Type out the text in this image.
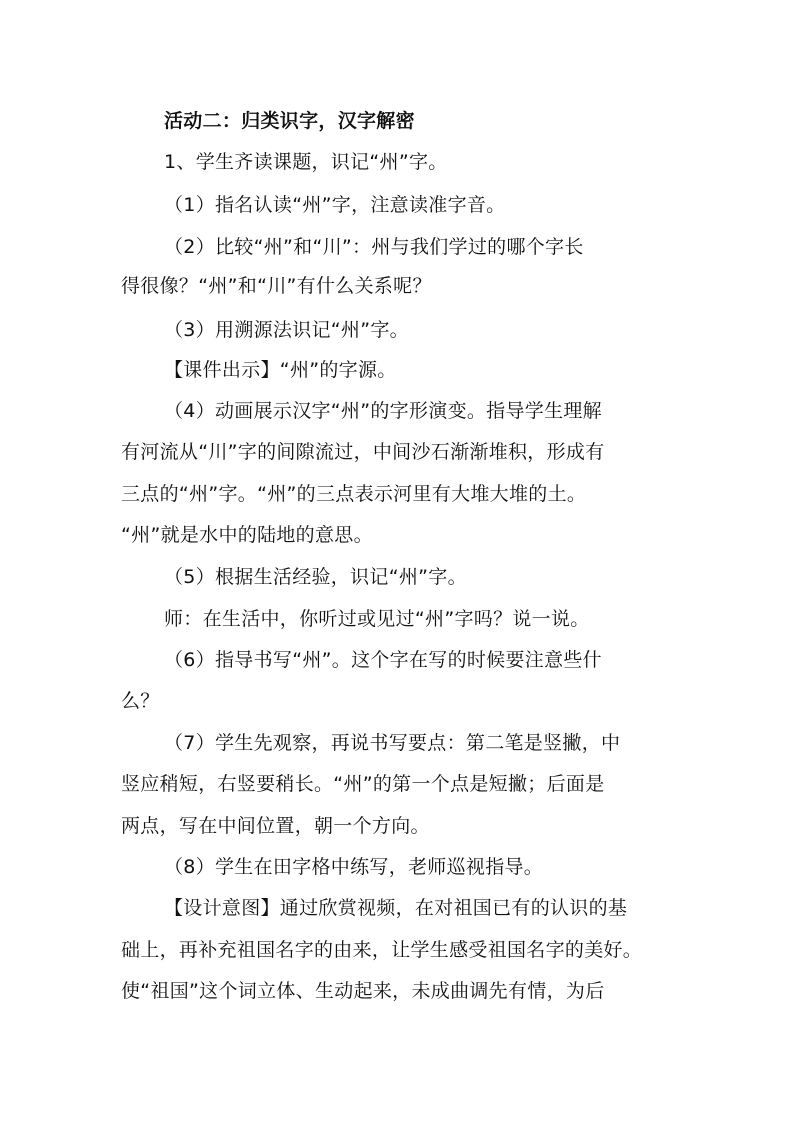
活动二：归类识字，汉字解密
1、学生齐读课题，识记“州”字。
（1）指名认读“州”字，注意读准字音。
（2）比较“州”和“川”：州与我们学过的哪个字长
得很像？“州”和“川”有什么关系呢？
（3）用溯源法识记“州”字。
【课件出示】“州”的字源。
（4）动画展示汉字“州”的字形演变。指导学生理解
有河流从“川”字的间隙流过，中间沙石渐渐堆积，形成有
三点的“州”字。“州”的三点表示河里有大堆大堆的土。
“州”就是水中的陆地的意思。
（5）根据生活经验，识记“州”字。
师：在生活中，你听过或见过“州”字吗？说一说。
（6）指导书写“州”。这个字在写的时候要注意些什
么？
（7）学生先观察，再说书写要点：第二笔是竖撇，中
竖应稍短，右竖要稍长。“州”的第一个点是短撇；后面是
两点，写在中间位置，朝一个方向。
（8）学生在田字格中练写，老师巡视指导。
【设计意图】通过欣赏视频，在对祖国已有的认识的基
础上，再补充祖国名字的由来，让学生感受祖国名字的美好。
使“祖国”这个词立体、生动起来，未成曲调先有情，为后
